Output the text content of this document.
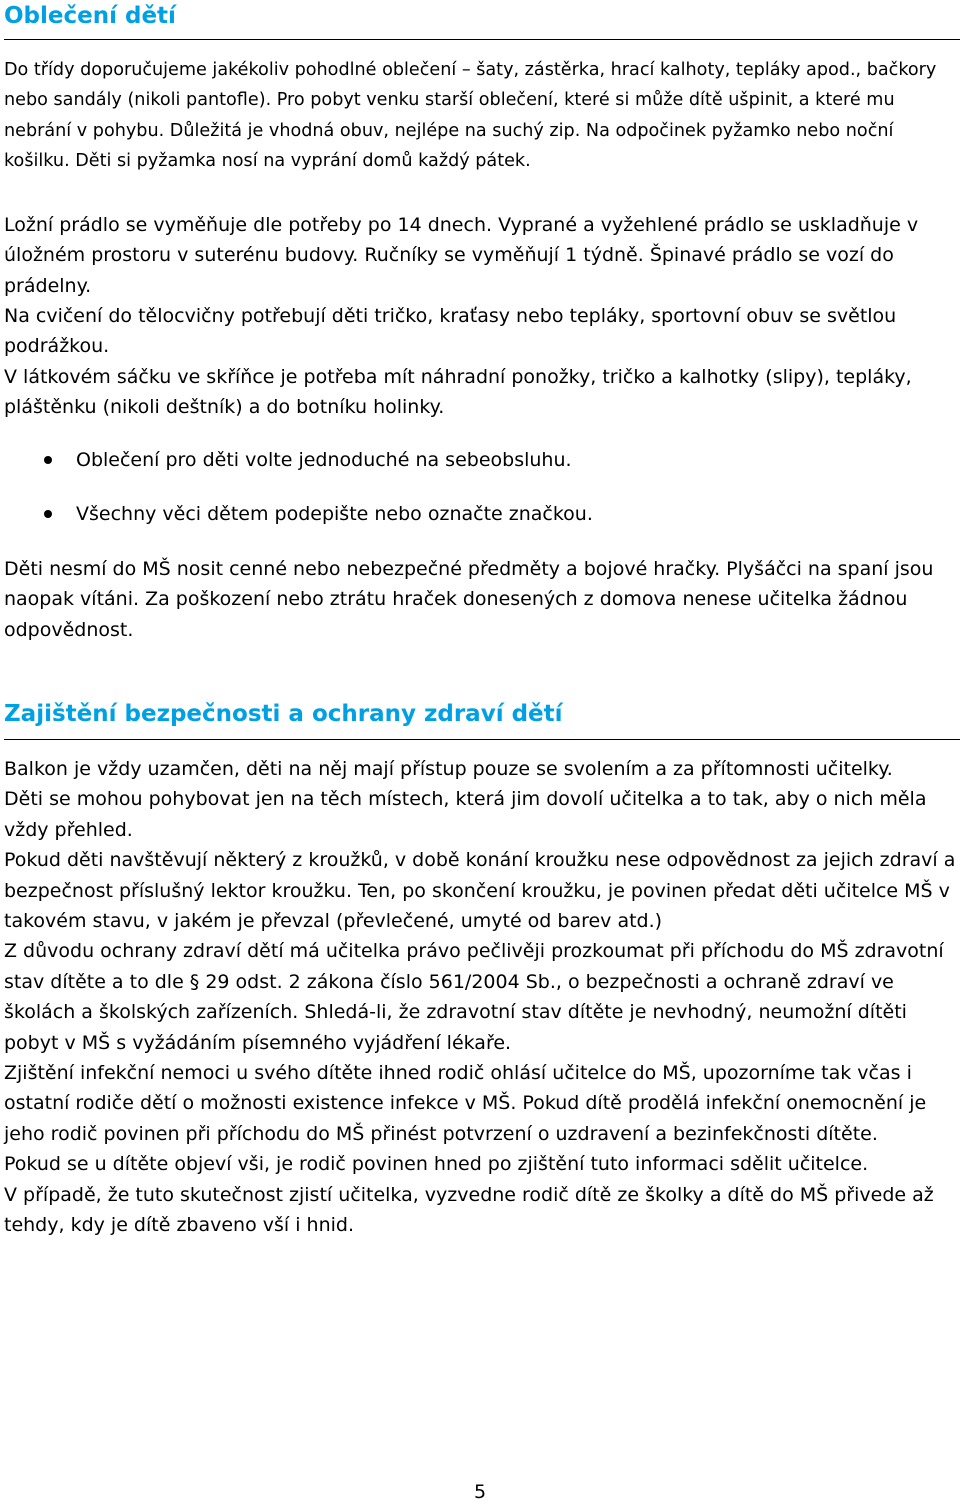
Oblečení dětí

Do třídy doporučujeme jakékoliv pohodlné oblečení – šaty, zástěrka, hrací kalhoty, tepláky apod., bačkory nebo sandály (nikoli pantofle). Pro pobyt venku starší oblečení, které si může dítě ušpinit, a které mu nebrání v pohybu. Důležitá je vhodná obuv, nejlépe na suchý zip. Na odpočinek pyžamko nebo noční košilku. Děti si pyžamka nosí na vyprání domů každý pátek.

Ložní prádlo se vyměňuje dle potřeby po 14 dnech. Vyprané a vyžehlené prádlo se uskladňuje v úložném prostoru v suterénu budovy. Ručníky se vyměňují 1 týdně. Špinavé prádlo se vozí do prádelny.

Na cvičení do tělocvičny potřebují děti tričko, kraťasy nebo tepláky, sportovní obuv se světlou podrážkou.

V látkovém sáčku ve skříňce je potřeba mít náhradní ponožky, tričko a kalhotky (slipy), tepláky, pláštěnku (nikoli deštník) a do botníku holinky.

Oblečení pro děti volte jednoduché na sebeobsluhu.
Všechny věci dětem podepište nebo označte značkou.

Děti nesmí do MŠ nosit cenné nebo nebezpečné předměty a bojové hračky. Plyšáčci na spaní jsou naopak vítáni. Za poškození nebo ztrátu hraček donesených z domova nenese učitelka žádnou odpovědnost.

Zajištění bezpečnosti a ochrany zdraví dětí

Balkon je vždy uzamčen, děti na něj mají přístup pouze se svolením a za přítomnosti učitelky.

Děti se mohou pohybovat jen na těch místech, která jim dovolí učitelka a to tak, aby o nich měla vždy přehled.

Pokud děti navštěvují některý z kroužků, v době konání kroužku nese odpovědnost za jejich zdraví a bezpečnost příslušný lektor kroužku. Ten, po skončení kroužku, je povinen předat děti učitelce MŠ v takovém stavu, v jakém je převzal (převlečené, umyté od barev atd.)

Z důvodu ochrany zdraví dětí má učitelka právo pečlivěji prozkoumat při příchodu do MŠ zdravotní stav dítěte a to dle § 29 odst. 2 zákona číslo 561/2004 Sb., o bezpečnosti a ochraně zdraví ve školách a školských zařízeních. Shledá-li, že zdravotní stav dítěte je nevhodný, neumožní dítěti pobyt v MŠ s vyžádáním písemného vyjádření lékaře.

Zjištění infekční nemoci u svého dítěte ihned rodič ohlásí učitelce do MŠ, upozorníme tak včas i ostatní rodiče dětí o možnosti existence infekce v MŠ. Pokud dítě prodělá infekční onemocnění je jeho rodič povinen při příchodu do MŠ přinést potvrzení o uzdravení a bezinfekčnosti dítěte.

Pokud se u dítěte objeví vši, je rodič povinen hned po zjištění tuto informaci sdělit učitelce.

V případě, že tuto skutečnost zjistí učitelka, vyzvedne rodič dítě ze školky a dítě do MŠ přivede až tehdy, kdy je dítě zbaveno vší i hnid.

5
